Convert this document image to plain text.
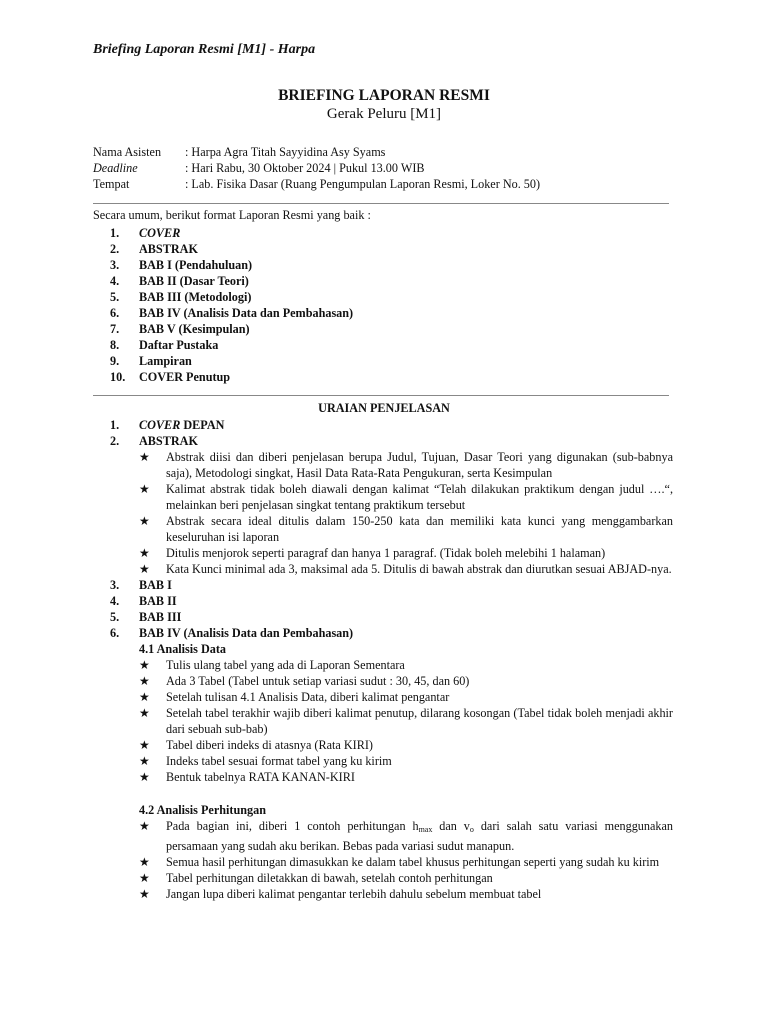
Briefing Laporan Resmi [M1] - Harpa
BRIEFING LAPORAN RESMI
Gerak Peluru [M1]
Nama Asisten : Harpa Agra Titah Sayyidina Asy Syams
Deadline	: Hari Rabu, 30 Oktober 2024 | Pukul 13.00 WIB
Tempat	: Lab. Fisika Dasar (Ruang Pengumpulan Laporan Resmi, Loker No. 50)
Secara umum, berikut format Laporan Resmi yang baik :
1. COVER
2. ABSTRAK
3. BAB I (Pendahuluan)
4. BAB II (Dasar Teori)
5. BAB III (Metodologi)
6. BAB IV (Analisis Data dan Pembahasan)
7. BAB V (Kesimpulan)
8. Daftar Pustaka
9. Lampiran
10. COVER Penutup
URAIAN PENJELASAN
1. COVER DEPAN
2. ABSTRAK
★	Abstrak diisi dan diberi penjelasan berupa Judul, Tujuan, Dasar Teori yang digunakan (sub-babnya saja), Metodologi singkat, Hasil Data Rata-Rata Pengukuran, serta Kesimpulan
★	Kalimat abstrak tidak boleh diawali dengan kalimat “Telah dilakukan praktikum dengan judul ….“, melainkan beri penjelasan singkat tentang praktikum tersebut
★	Abstrak secara ideal ditulis dalam 150-250 kata dan memiliki kata kunci yang menggambarkan keseluruhan isi laporan
★	Ditulis menjorok seperti paragraf dan hanya 1 paragraf. (Tidak boleh melebihi 1 halaman)
★	Kata Kunci minimal ada 3, maksimal ada 5. Ditulis di bawah abstrak dan diurutkan sesuai ABJAD-nya.
3. BAB I
4. BAB II
5. BAB III
6. BAB IV (Analisis Data dan Pembahasan)
4.1 Analisis Data
★	Tulis ulang tabel yang ada di Laporan Sementara
★	Ada 3 Tabel (Tabel untuk setiap variasi sudut : 30, 45, dan 60)
★	Setelah tulisan 4.1 Analisis Data, diberi kalimat pengantar
★	Setelah tabel terakhir wajib diberi kalimat penutup, dilarang kosongan (Tabel tidak boleh menjadi akhir dari sebuah sub-bab)
★	Tabel diberi indeks di atasnya (Rata KIRI)
★	Indeks tabel sesuai format tabel yang ku kirim
★	Bentuk tabelnya RATA KANAN-KIRI
4.2 Analisis Perhitungan
★	Pada bagian ini, diberi 1 contoh perhitungan $h_{max}$ dan $v_o$ dari salah satu variasi menggunakan persamaan yang sudah aku berikan. Bebas pada variasi sudut manapun.
★	Semua hasil perhitungan dimasukkan ke dalam tabel khusus perhitungan seperti yang sudah ku kirim
★	Tabel perhitungan diletakkan di bawah, setelah contoh perhitungan
★	Jangan lupa diberi kalimat pengantar terlebih dahulu sebelum membuat tabel
